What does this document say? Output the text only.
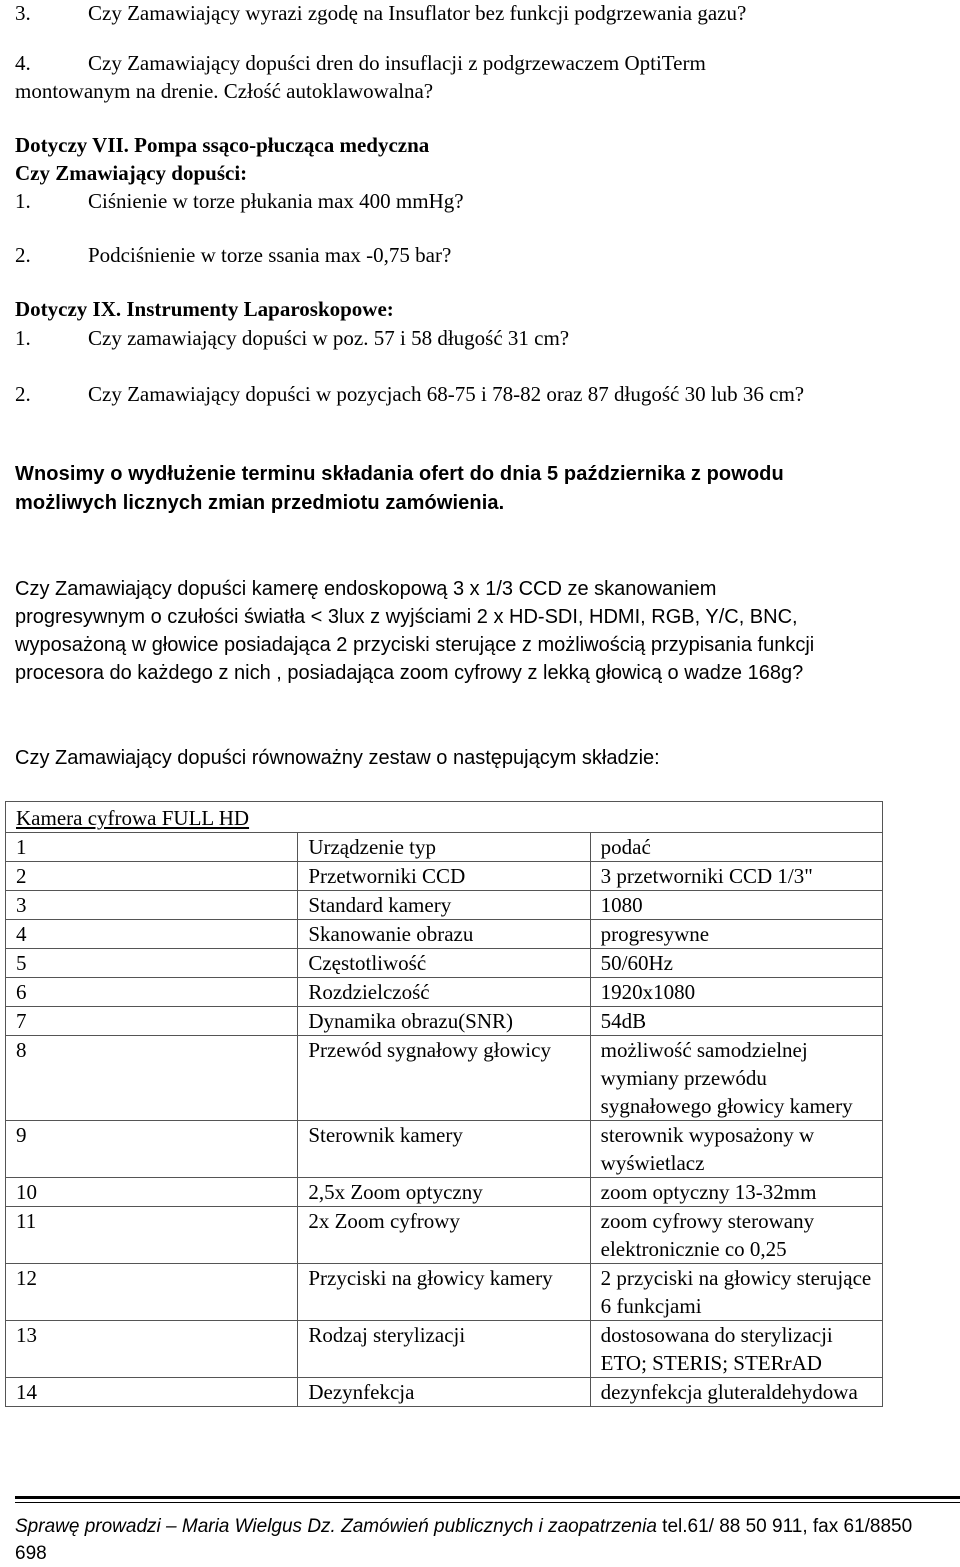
3.	Czy Zamawiający wyrazi zgodę na Insuflator bez funkcji podgrzewania gazu?
4.	Czy Zamawiający dopuści dren do insuflacji z podgrzewaczem OptiTerm
montowanym na drenie. Człość autoklawowalna?
Dotyczy VII. Pompa ssąco-płucząca medyczna
Czy Zmawiający dopuści:
1.	Ciśnienie w torze płukania max 400 mmHg?
2.	Podciśnienie w torze ssania max -0,75 bar?
Dotyczy IX. Instrumenty Laparoskopowe:
1.	Czy zamawiający dopuści w poz. 57 i 58 długość 31 cm?
2.	Czy Zamawiający dopuści w pozycjach 68-75 i 78-82 oraz 87 długość 30 lub 36 cm?
Wnosimy o wydłużenie terminu składania ofert do dnia 5 października z powodu
możliwych licznych zmian przedmiotu zamówienia.
Czy Zamawiający dopuści kamerę endoskopową 3 x 1/3 CCD ze skanowaniem
progresywnym o czułości światła < 3lux z wyjściami 2 x HD-SDI, HDMI, RGB, Y/C, BNC,
wyposażoną w głowice posiadająca 2 przyciski sterujące z możliwością przypisania funkcji
procesora do każdego z nich , posiadająca zoom cyfrowy z lekką głowicą o wadze 168g?
Czy Zamawiający dopuści równoważny zestaw o następującym składzie:
Kamera cyfrowa FULL HD		
1	Urządzenie typ	podać
2	Przetworniki CCD	3 przetworniki CCD 1/3"
3	Standard kamery	1080
4	Skanowanie obrazu	progresywne
5	Częstotliwość	50/60Hz
6	Rozdzielczość	1920x1080
7	Dynamika obrazu(SNR)	54dB
8	Przewód sygnałowy głowicy	możliwość samodzielnej wymiany przewódu sygnałowego głowicy kamery
9	Sterownik kamery	sterownik wyposażony w wyświetlacz
10	2,5x Zoom optyczny	zoom optyczny 13-32mm
11	2x Zoom cyfrowy	zoom cyfrowy sterowany elektronicznie co 0,25
12	Przyciski na głowicy kamery	2 przyciski na głowicy sterujące 6 funkcjami
13	Rodzaj sterylizacji	dostosowana do sterylizacji ETO; STERIS; STERrAD
14	Dezynfekcja	dezynfekcja gluteraldehydowa
Sprawę prowadzi – Maria Wielgus Dz. Zamówień publicznych i zaopatrzenia tel.61/ 88 50 911, fax 61/8850
698
